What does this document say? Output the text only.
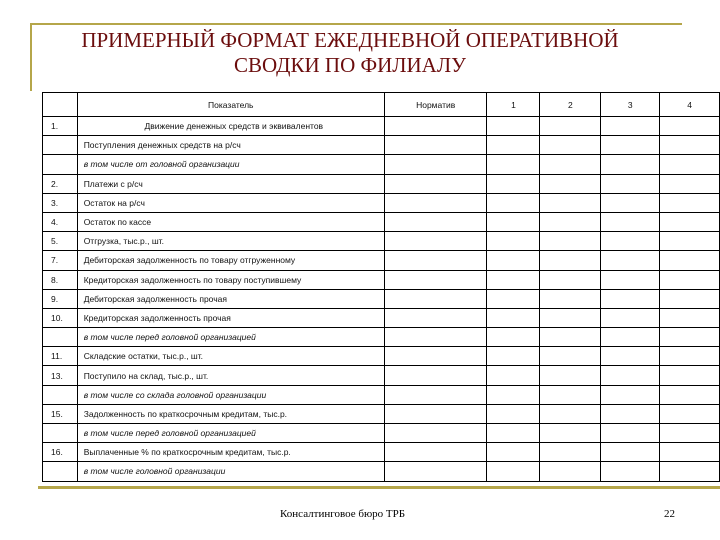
ПРИМЕРНЫЙ ФОРМАТ ЕЖЕДНЕВНОЙ ОПЕРАТИВНОЙ
СВОДКИ ПО ФИЛИАЛУ
	Показатель	Норматив	1	2	3	4
1.	Движение денежных средств и эквивалентов					
	Поступления денежных средств на р/сч					
	в том числе от головной организации					
2.	Платежи с р/сч					
3.	Остаток на р/сч					
4.	Остаток по кассе					
5.	Отгрузка, тыс.р., шт.					
7.	Дебиторская задолженность по товару отгруженному					
8.	Кредиторская задолженность по товару поступившему					
9.	Дебиторская задолженность прочая					
10.	Кредиторская задолженность прочая					
	в том числе перед головной организацией					
11.	Складские остатки, тыс.р., шт.					
13.	Поступило на склад, тыс.р., шт.					
	в том числе со склада головной организации					
15.	Задолженность по краткосрочным кредитам, тыс.р.					
	в том числе перед головной организацией					
16.	Выплаченные % по краткосрочным кредитам, тыс.р.					
	в том числе головной организации					
Консалтинговое бюро ТРБ	22
